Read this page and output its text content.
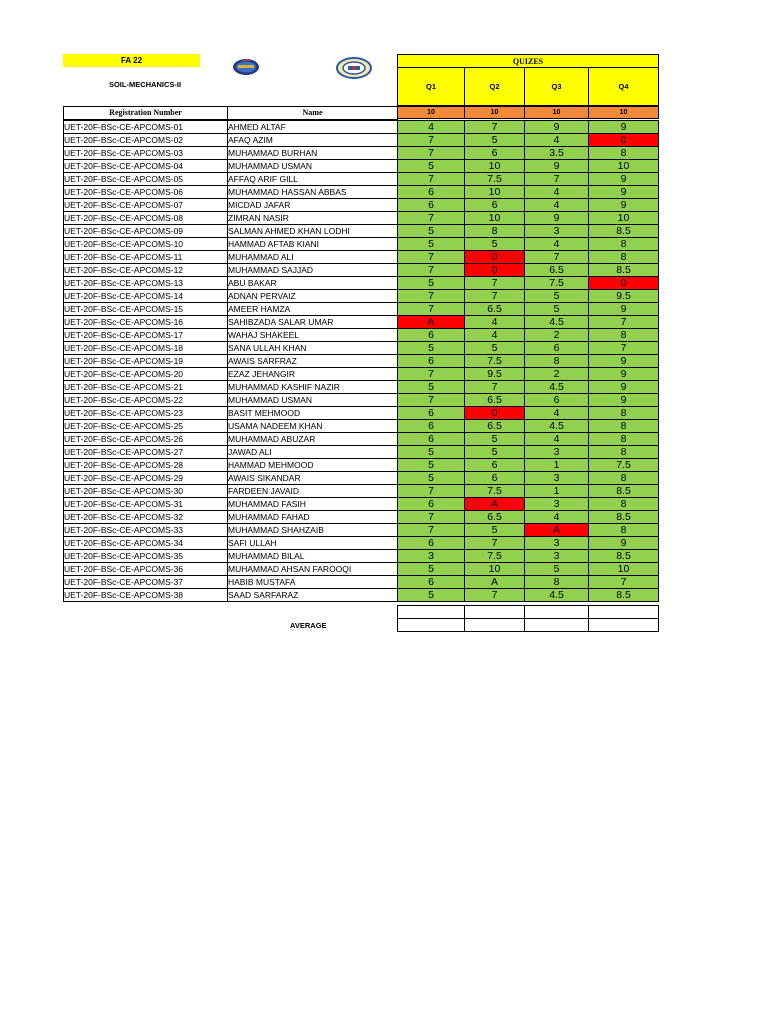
FA 22
SOIL-MECHANICS-II
QUIZES
Q1	Q2	Q3	Q4
Registration Number	Name	10	10	10	10
UET-20F-BSc-CE-APCOMS-01	AHMED ALTAF	4	7	9	9
UET-20F-BSc-CE-APCOMS-02	AFAQ AZIM	7	5	4	0
UET-20F-BSc-CE-APCOMS-03	MUHAMMAD BURHAN	7	6	3.5	8
UET-20F-BSc-CE-APCOMS-04	MUHAMMAD USMAN	5	10	9	10
UET-20F-BSc-CE-APCOMS-05	AFFAQ ARIF GILL	7	7.5	7	9
UET-20F-BSc-CE-APCOMS-06	MUHAMMAD HASSAN ABBAS	6	10	4	9
UET-20F-BSc-CE-APCOMS-07	MICDAD JAFAR	6	6	4	9
UET-20F-BSc-CE-APCOMS-08	ZIMRAN NASIR	7	10	9	10
UET-20F-BSc-CE-APCOMS-09	SALMAN AHMED KHAN LODHI	5	8	3	8.5
UET-20F-BSc-CE-APCOMS-10	HAMMAD AFTAB KIANI	5	5	4	8
UET-20F-BSc-CE-APCOMS-11	MUHAMMAD ALI	7	0	7	8
UET-20F-BSc-CE-APCOMS-12	MUHAMMAD SAJJAD	7	0	6.5	8.5
UET-20F-BSc-CE-APCOMS-13	ABU BAKAR	5	7	7.5	0
UET-20F-BSc-CE-APCOMS-14	ADNAN PERVAIZ	7	7	5	9.5
UET-20F-BSc-CE-APCOMS-15	AMEER HAMZA	7	6.5	5	9
UET-20F-BSc-CE-APCOMS-16	SAHIBZADA SALAR UMAR	A	4	4.5	7
UET-20F-BSc-CE-APCOMS-17	WAHAJ SHAKEEL	6	4	2	8
UET-20F-BSc-CE-APCOMS-18	SANA ULLAH KHAN	5	5	6	7
UET-20F-BSc-CE-APCOMS-19	AWAIS SARFRAZ	6	7.5	8	9
UET-20F-BSc-CE-APCOMS-20	EZAZ JEHANGIR	7	9.5	2	9
UET-20F-BSc-CE-APCOMS-21	MUHAMMAD KASHIF NAZIR	5	7	4.5	9
UET-20F-BSc-CE-APCOMS-22	MUHAMMAD USMAN	7	6.5	6	9
UET-20F-BSc-CE-APCOMS-23	BASIT MEHMOOD	6	0	4	8
UET-20F-BSc-CE-APCOMS-25	USAMA NADEEM KHAN	6	6.5	4.5	8
UET-20F-BSc-CE-APCOMS-26	MUHAMMAD ABUZAR	6	5	4	8
UET-20F-BSc-CE-APCOMS-27	JAWAD ALI	5	5	3	8
UET-20F-BSc-CE-APCOMS-28	HAMMAD MEHMOOD	5	6	1	7.5
UET-20F-BSc-CE-APCOMS-29	AWAIS SIKANDAR	5	6	3	8
UET-20F-BSc-CE-APCOMS-30	FARDEEN JAVAID	7	7.5	1	8.5
UET-20F-BSc-CE-APCOMS-31	MUHAMMAD FASIH	6	A	3	8
UET-20F-BSc-CE-APCOMS-32	MUHAMMAD FAHAD	7	6.5	4	8.5
UET-20F-BSc-CE-APCOMS-33	MUHAMMAD SHAHZAIB	7	5	A	8
UET-20F-BSc-CE-APCOMS-34	SAFI ULLAH	6	7	3	9
UET-20F-BSc-CE-APCOMS-35	MUHAMMAD BILAL	3	7.5	3	8.5
UET-20F-BSc-CE-APCOMS-36	MUHAMMAD AHSAN FAROOQI	5	10	5	10
UET-20F-BSc-CE-APCOMS-37	HABIB MUSTAFA	6	A	8	7
UET-20F-BSc-CE-APCOMS-38	SAAD SARFARAZ	5	7	4.5	8.5
AVERAGE
